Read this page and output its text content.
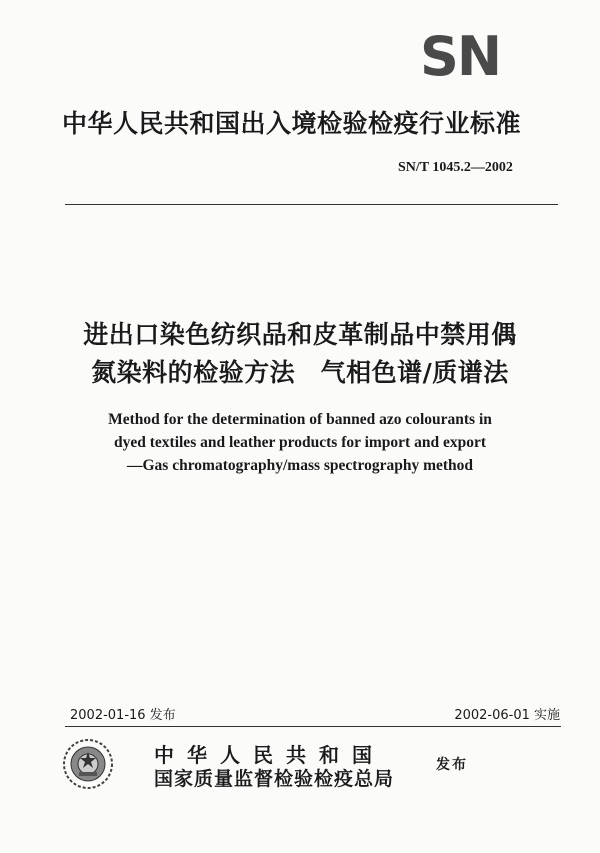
SN
中华人民共和国出入境检验检疫行业标准
SN/T 1045.2—2002
进出口染色纺织品和皮革制品中禁用偶
氮染料的检验方法　气相色谱/质谱法
Method for the determination of banned azo colourants in
dyed textiles and leather products for import and export
—Gas chromatography/mass spectrography method
2002-01-16 发布	2002-06-01 实施
中华人民共和国
国家质量监督检验检疫总局
发布
